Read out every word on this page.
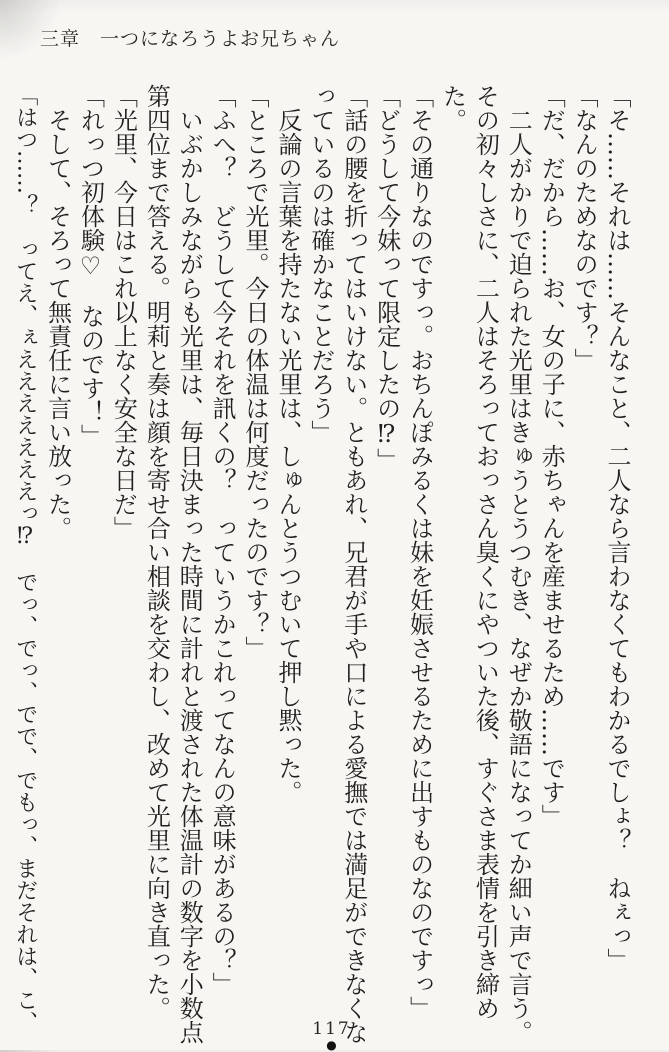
三章　一つになろうよお兄ちゃん
「そ……それは……そんなこと、二人なら言わなくてもわかるでしょ？　ねぇっ」
「なんのためなのです？」
「だ、だから……お、女の子に、赤ちゃんを産ませるため……です」
二人がかりで迫られた光里はきゅうとうつむき、なぜか敬語になってか細い声で言う。
その初々しさに、二人はそろっておっさん臭くにやついた後、すぐさま表情を引き締めた。
「その通りなのですっ。おちんぽみるくは妹を妊娠させるために出すものなのですっ」
「どうして今妹って限定したの⁉」
「話の腰を折ってはいけない。ともあれ、兄君が手や口による愛撫では満足ができなくな
っているのは確かなことだろう」
反論の言葉を持たない光里は、しゅんとうつむいて押し黙った。
「ところで光里。今日の体温は何度だったのです？」
「ふへ？　どうして今それを訊くの？　っていうかこれってなんの意味があるの？」
いぶかしみながらも光里は、毎日決まった時間に計れと渡された体温計の数字を小数点
第四位まで答える。明莉と奏は顔を寄せ合い相談を交わし、改めて光里に向き直った。
「光里、今日はこれ以上なく安全な日だ」
「れっつ初体験♡　なのです！」
そして、そろって無責任に言い放った。
「はつ……？　ってえ、ぇえええええええっ⁉　でっ、でっ、でで、でもっ、まだそれは、こ、	117
●
